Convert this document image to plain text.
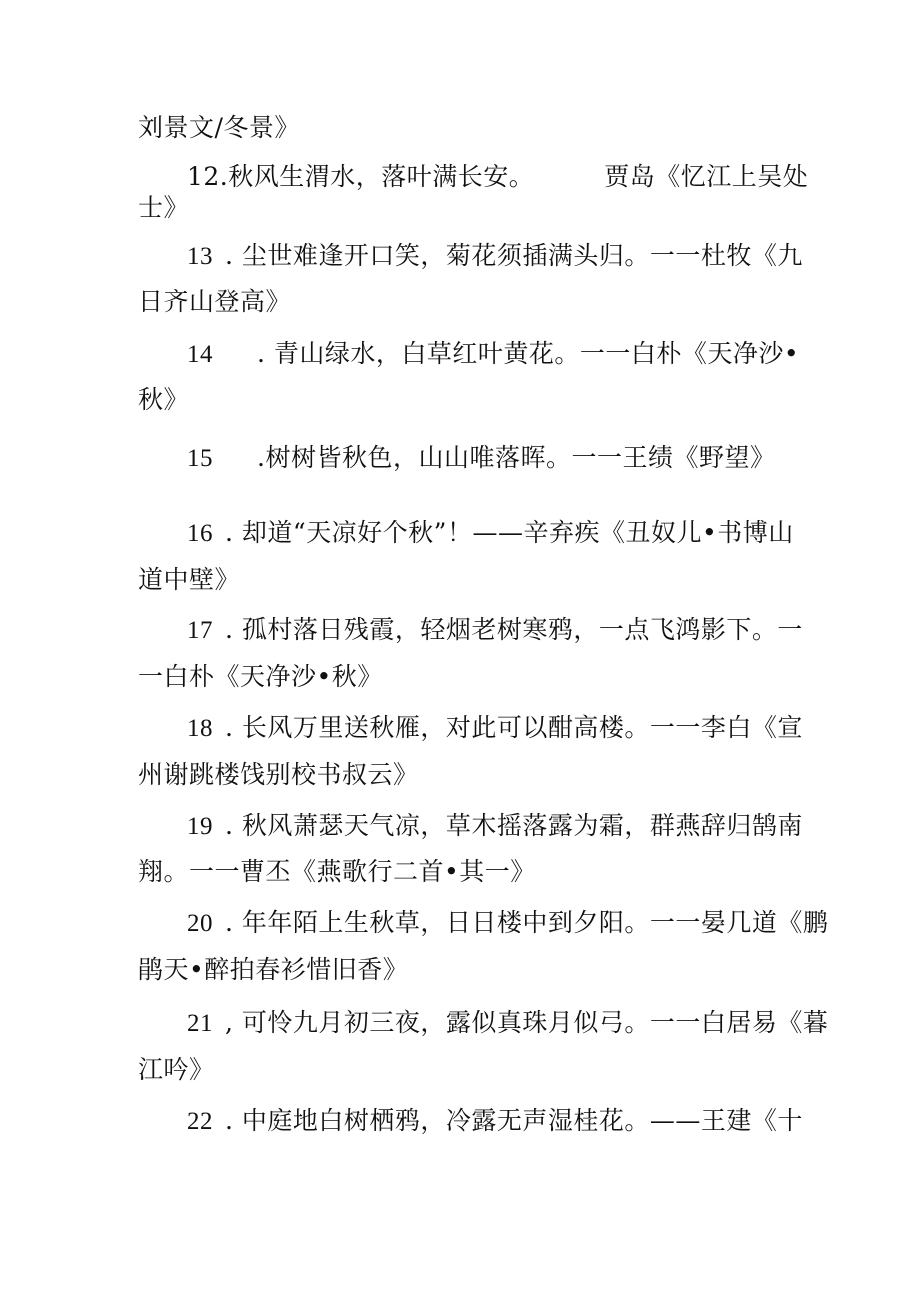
刘景文/冬景》
12.秋风生渭水，落叶满长安。	贾岛《忆江上吴处
士》
13 . 尘世难逢开口笑，菊花须插满头归。一一杜牧《九
日齐山登高》
14 . 青山绿水，白草红叶黄花。一一白朴《天净沙•
秋》
15 .树树皆秋色，山山唯落晖。一一王绩《野望》
16 . 却道“天凉好个秋”！——辛弃疾《丑奴儿•书博山
道中壁》
17 . 孤村落日残霞，轻烟老树寒鸦，一点飞鸿影下。一
一白朴《天净沙•秋》
18 . 长风万里送秋雁，对此可以酣高楼。一一李白《宣
州谢跳楼饯别校书叔云》
19 . 秋风萧瑟天气凉，草木摇落露为霜，群燕辞归鹄南
翔。一一曹丕《燕歌行二首•其一》
20 . 年年陌上生秋草，日日楼中到夕阳。一一晏几道《鹏
鹃天•醉拍春衫惜旧香》
21 , 可怜九月初三夜，露似真珠月似弓。一一白居易《暮
江吟》
22 . 中庭地白树栖鸦，冷露无声湿桂花。——王建《十
